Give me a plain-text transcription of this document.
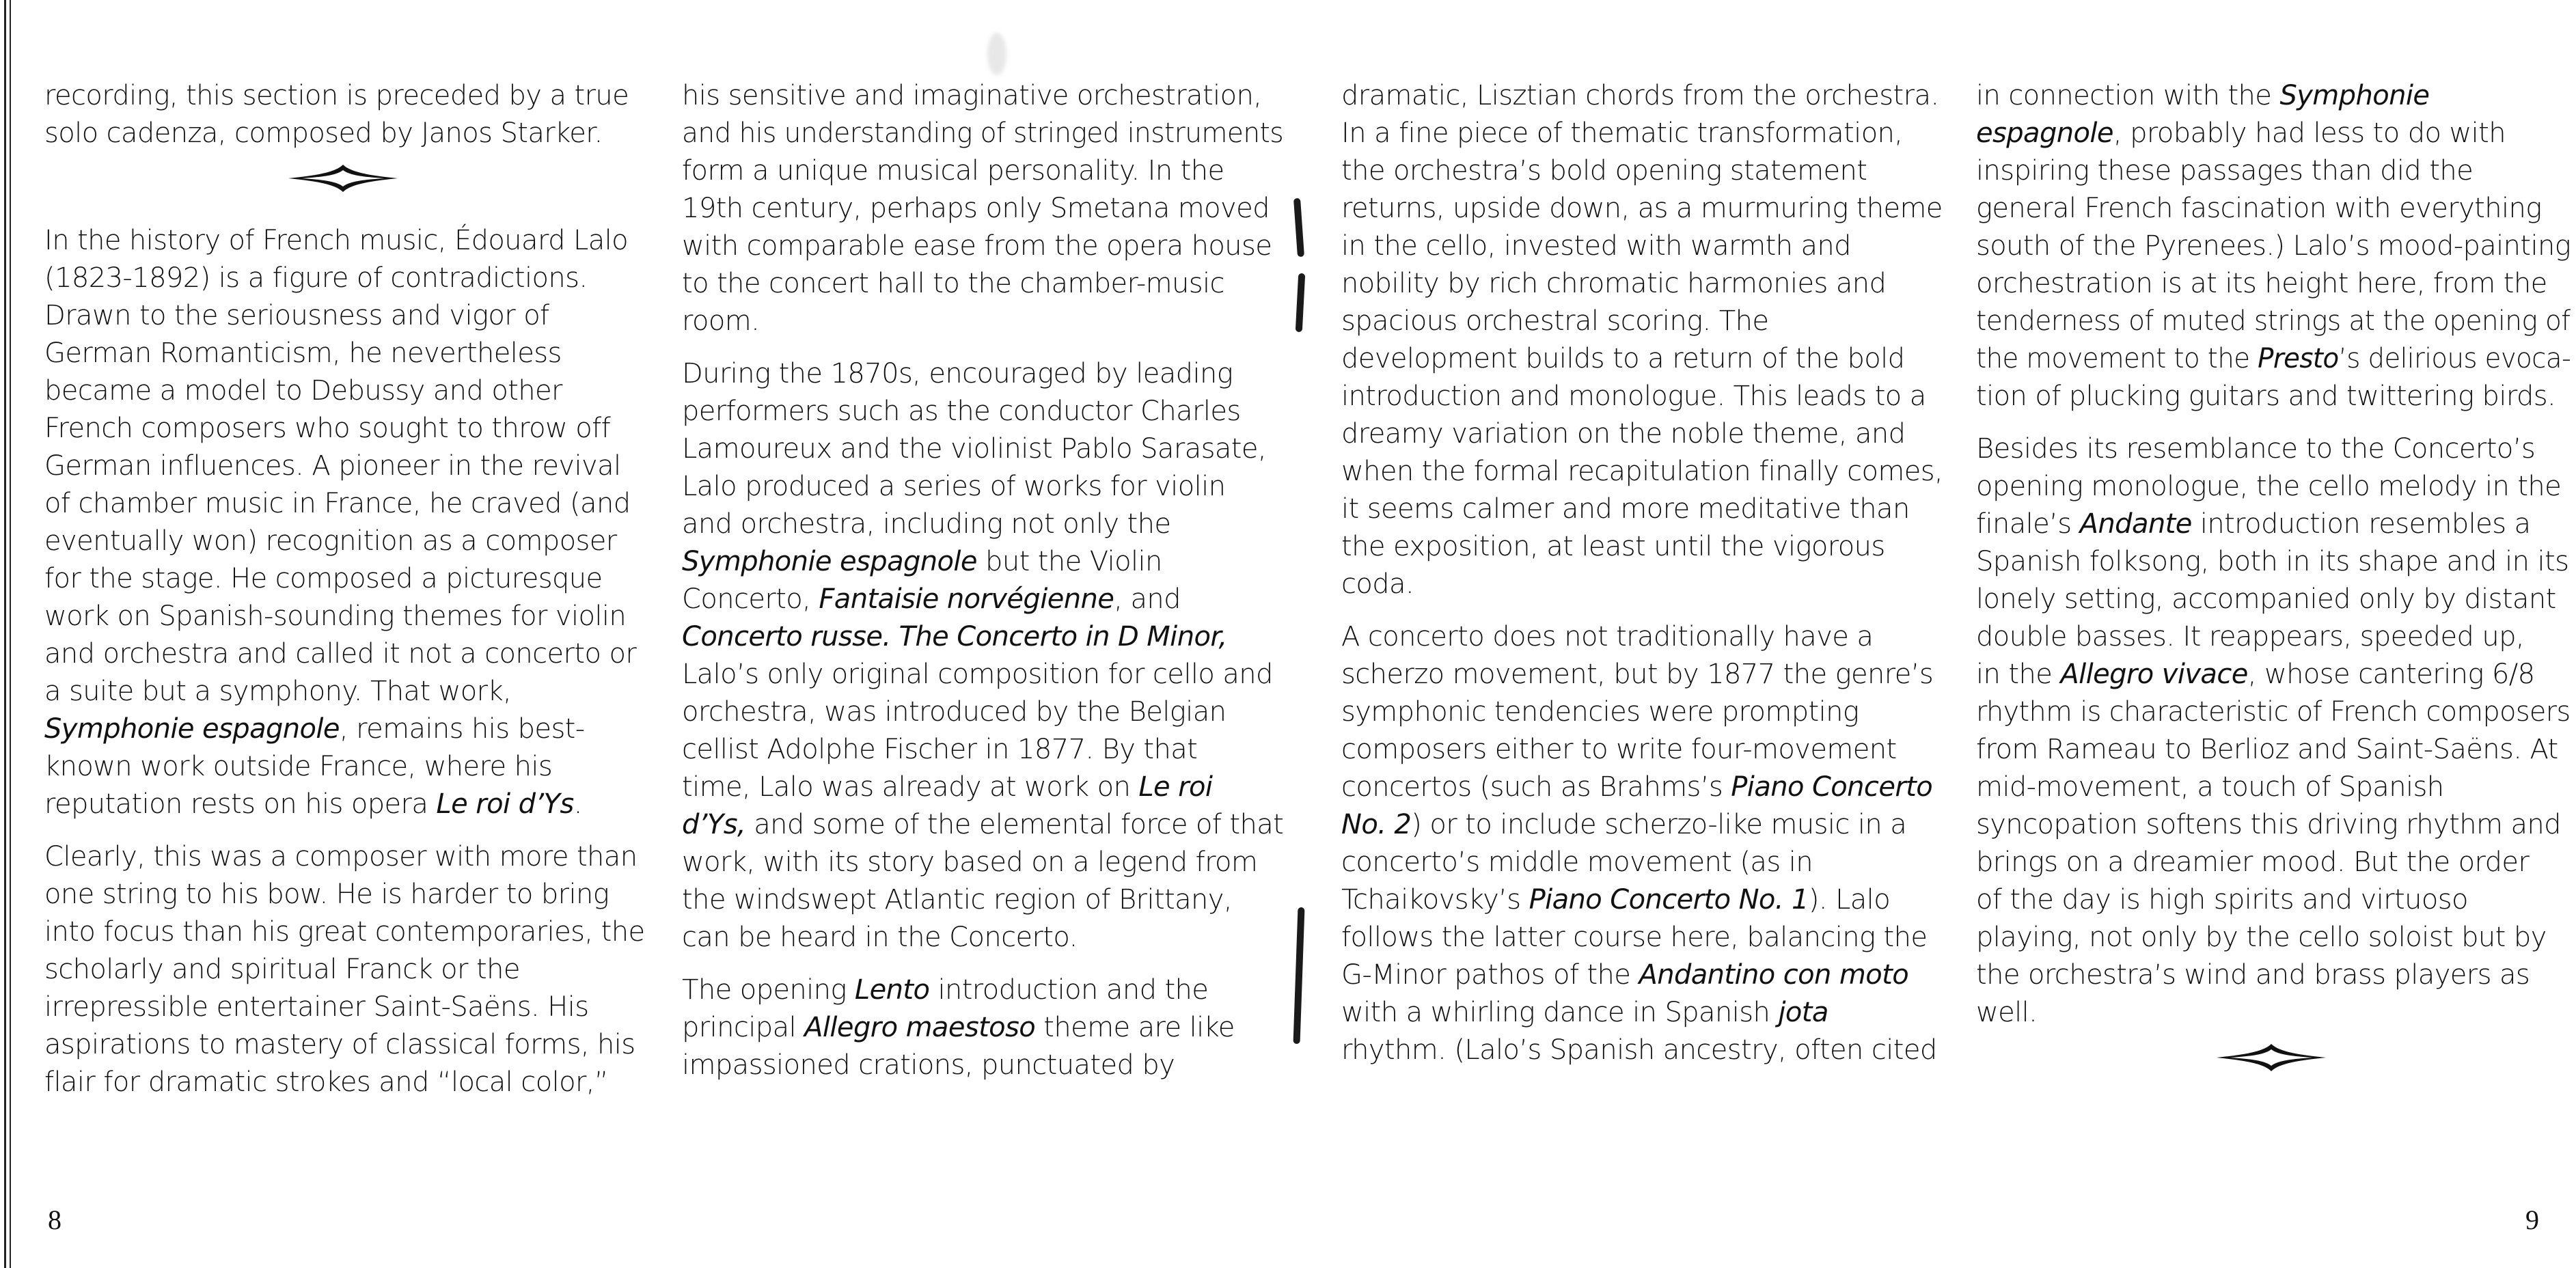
recording, this section is preceded by a true
solo cadenza, composed by Janos Starker.
In the history of French music, Édouard Lalo
(1823-1892) is a figure of contradictions.
Drawn to the seriousness and vigor of
German Romanticism, he nevertheless
became a model to Debussy and other
French composers who sought to throw off
German influences. A pioneer in the revival
of chamber music in France, he craved (and
eventually won) recognition as a composer
for the stage. He composed a picturesque
work on Spanish-sounding themes for violin
and orchestra and called it not a concerto or
a suite but a symphony. That work,
Symphonie espagnole, remains his best-
known work outside France, where his
reputation rests on his opera Le roi d’Ys.
Clearly, this was a composer with more than
one string to his bow. He is harder to bring
into focus than his great contemporaries, the
scholarly and spiritual Franck or the
irrepressible entertainer Saint-Saëns. His
aspirations to mastery of classical forms, his
flair for dramatic strokes and “local color,”
his sensitive and imaginative orchestration,
and his understanding of stringed instruments
form a unique musical personality. In the
19th century, perhaps only Smetana moved
with comparable ease from the opera house
to the concert hall to the chamber-music
room.
During the 1870s, encouraged by leading
performers such as the conductor Charles
Lamoureux and the violinist Pablo Sarasate,
Lalo produced a series of works for violin
and orchestra, including not only the
Symphonie espagnole but the Violin
Concerto, Fantaisie norvégienne, and
Concerto russe. The Concerto in D Minor,
Lalo’s only original composition for cello and
orchestra, was introduced by the Belgian
cellist Adolphe Fischer in 1877. By that
time, Lalo was already at work on Le roi
d’Ys, and some of the elemental force of that
work, with its story based on a legend from
the windswept Atlantic region of Brittany,
can be heard in the Concerto.
The opening Lento introduction and the
principal Allegro maestoso theme are like
impassioned crations, punctuated by
dramatic, Lisztian chords from the orchestra.
In a fine piece of thematic transformation,
the orchestra’s bold opening statement
returns, upside down, as a murmuring theme
in the cello, invested with warmth and
nobility by rich chromatic harmonies and
spacious orchestral scoring. The
development builds to a return of the bold
introduction and monologue. This leads to a
dreamy variation on the noble theme, and
when the formal recapitulation finally comes,
it seems calmer and more meditative than
the exposition, at least until the vigorous
coda.
A concerto does not traditionally have a
scherzo movement, but by 1877 the genre’s
symphonic tendencies were prompting
composers either to write four-movement
concertos (such as Brahms’s Piano Concerto
No. 2) or to include scherzo-like music in a
concerto’s middle movement (as in
Tchaikovsky’s Piano Concerto No. 1). Lalo
follows the latter course here, balancing the
G-Minor pathos of the Andantino con moto
with a whirling dance in Spanish jota
rhythm. (Lalo’s Spanish ancestry, often cited
in connection with the Symphonie
espagnole, probably had less to do with
inspiring these passages than did the
general French fascination with everything
south of the Pyrenees.) Lalo’s mood-painting
orchestration is at its height here, from the
tenderness of muted strings at the opening of
the movement to the Presto’s delirious evoca-
tion of plucking guitars and twittering birds.
Besides its resemblance to the Concerto’s
opening monologue, the cello melody in the
finale’s Andante introduction resembles a
Spanish folksong, both in its shape and in its
lonely setting, accompanied only by distant
double basses. It reappears, speeded up,
in the Allegro vivace, whose cantering 6/8
rhythm is characteristic of French composers
from Rameau to Berlioz and Saint-Saëns. At
mid-movement, a touch of Spanish
syncopation softens this driving rhythm and
brings on a dreamier mood. But the order
of the day is high spirits and virtuoso
playing, not only by the cello soloist but by
the orchestra’s wind and brass players as
well.
8	9
